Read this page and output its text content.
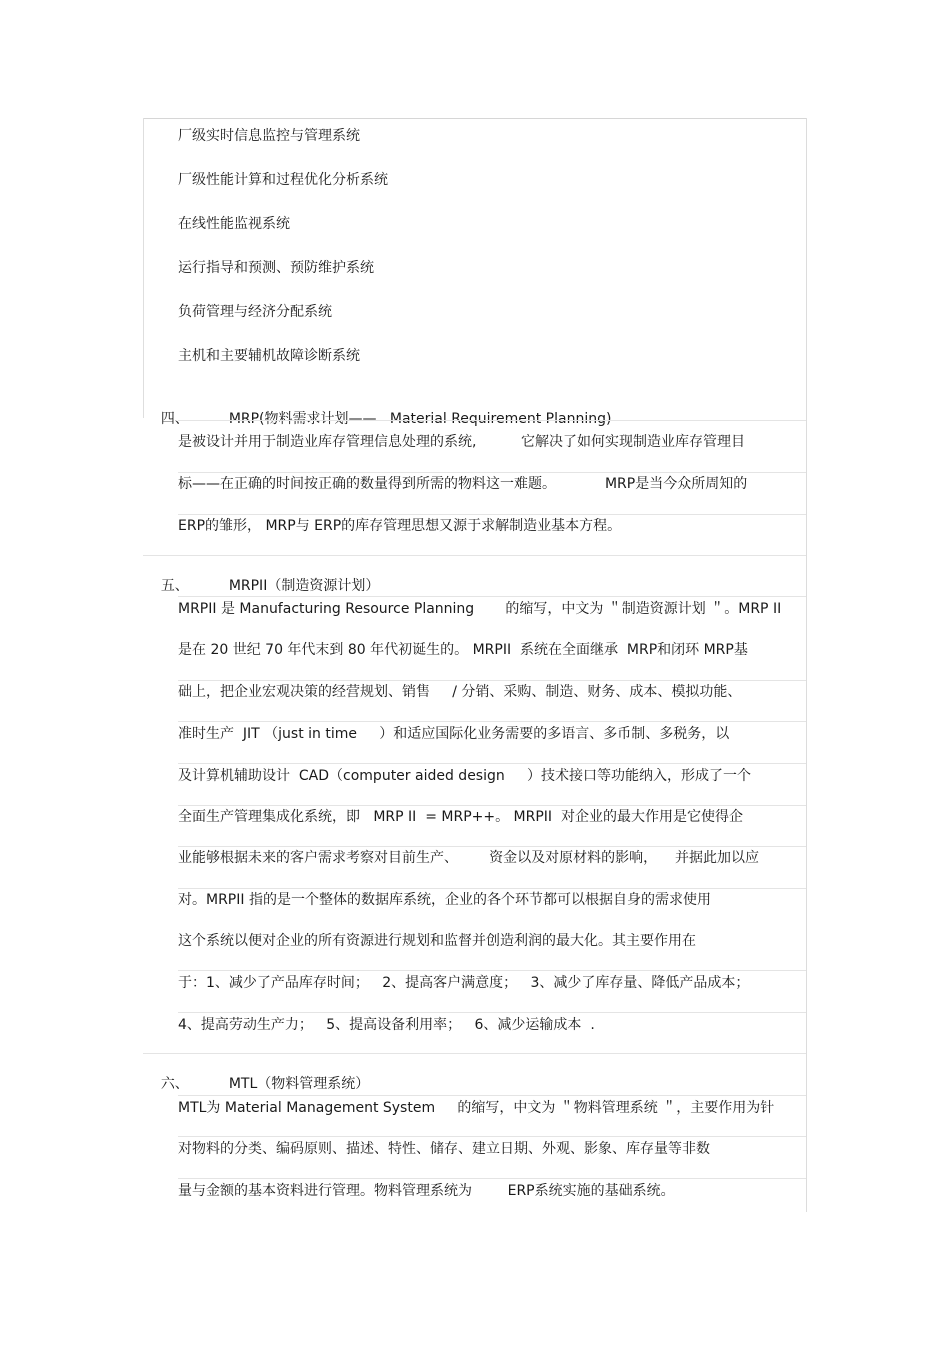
厂级实时信息监控与管理系统
厂级性能计算和过程优化分析系统
在线性能监视系统
运行指导和预测、预防维护系统
负荷管理与经济分配系统
主机和主要辅机故障诊断系统

四、	MRP(物料需求计划——   Material Requirement Planning)

是被设计并用于制造业库存管理信息处理的系统,          它解决了如何实现制造业库存管理目
标——在正确的时间按正确的数量得到所需的物料这一难题。           MRP是当今众所周知的
ERP的雏形， MRP与 ERP的库存管理思想又源于求解制造业基本方程。

五、	MRPII（制造资源计划）

MRPII 是 Manufacturing Resource Planning       的缩写，中文为 ＂制造资源计划 ＂。MRP II
是在 20 世纪 70 年代末到 80 年代初诞生的。 MRPII  系统在全面继承  MRP和闭环 MRP基
础上，把企业宏观决策的经营规划、销售     / 分销、采购、制造、财务、成本、模拟功能、
准时生产  JIT （just in time     ）和适应国际化业务需要的多语言、多币制、多税务，以
及计算机辅助设计  CAD（computer aided design     ）技术接口等功能纳入，形成了一个
全面生产管理集成化系统，即   MRP II  = MRP++。 MRPII  对企业的最大作用是它使得企
业能够根据未来的客户需求考察对目前生产、       资金以及对原材料的影响，    并据此加以应
对。MRPII 指的是一个整体的数据库系统，企业的各个环节都可以根据自身的需求使用
这个系统以便对企业的所有资源进行规划和监督并创造利润的最大化。其主要作用在
于：1、减少了产品库存时间；   2、提高客户满意度；   3、减少了库存量、降低产品成本；
4、提高劳动生产力；   5、提高设备利用率；   6、减少运输成本  .

六、	MTL（物料管理系统）

MTL为 Material Management System     的缩写，中文为 ＂物料管理系统 ＂，主要作用为针
对物料的分类、编码原则、描述、特性、储存、建立日期、外观、影象、库存量等非数
量与金额的基本资料进行管理。物料管理系统为        ERP系统实施的基础系统。
